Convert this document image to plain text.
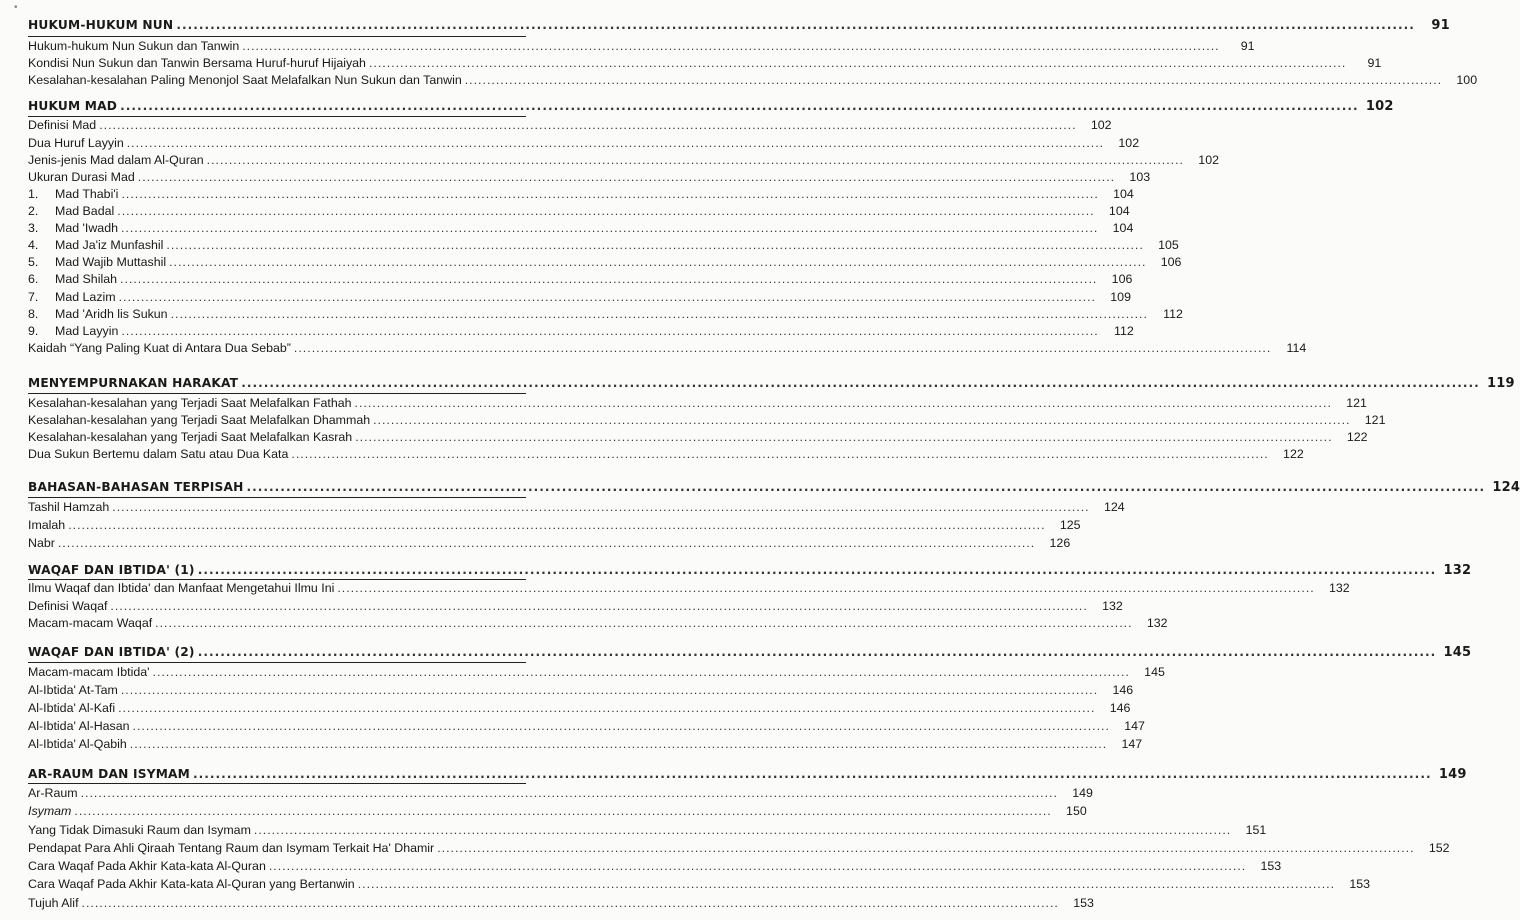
•
HUKUM-HUKUM NUN ............................................................................................................................................................................................................................	91
Hukum-hukum Nun Sukun dan Tanwin ............................................................................................................................................................................................................................	91
Kondisi Nun Sukun dan Tanwin Bersama Huruf-huruf Hijaiyah ............................................................................................................................................................................................................................	91
Kesalahan-kesalahan Paling Menonjol Saat Melafalkan Nun Sukun dan Tanwin ............................................................................................................................................................................................................................	100
HUKUM MAD ............................................................................................................................................................................................................................ 102
Definisi Mad ............................................................................................................................................................................................................................	102
Dua Huruf Layyin ............................................................................................................................................................................................................................	102
Jenis-jenis Mad dalam Al-Quran ............................................................................................................................................................................................................................	102
Ukuran Durasi Mad ............................................................................................................................................................................................................................	103
1.	Mad Thabi'i ............................................................................................................................................................................................................................	104
2.	Mad Badal ............................................................................................................................................................................................................................	104
3.	Mad 'Iwadh ............................................................................................................................................................................................................................	104
4.	Mad Ja'iz Munfashil ............................................................................................................................................................................................................................	105
5.	Mad Wajib Muttashil ............................................................................................................................................................................................................................	106
6.	Mad Shilah ............................................................................................................................................................................................................................	106
7.	Mad Lazim ............................................................................................................................................................................................................................	109
8.	Mad 'Aridh lis Sukun ............................................................................................................................................................................................................................	112
9.	Mad Layyin ............................................................................................................................................................................................................................	112
Kaidah “Yang Paling Kuat di Antara Dua Sebab” ............................................................................................................................................................................................................................	114
MENYEMPURNAKAN HARAKAT ............................................................................................................................................................................................................................ 119
Kesalahan-kesalahan yang Terjadi Saat Melafalkan Fathah ............................................................................................................................................................................................................................	121
Kesalahan-kesalahan yang Terjadi Saat Melafalkan Dhammah ............................................................................................................................................................................................................................	121
Kesalahan-kesalahan yang Terjadi Saat Melafalkan Kasrah ............................................................................................................................................................................................................................	122
Dua Sukun Bertemu dalam Satu atau Dua Kata ............................................................................................................................................................................................................................	122
BAHASAN-BAHASAN TERPISAH ............................................................................................................................................................................................................................ 124
Tashil Hamzah ............................................................................................................................................................................................................................	124
Imalah ............................................................................................................................................................................................................................	125
Nabr ............................................................................................................................................................................................................................	126
WAQAF DAN IBTIDA' (1) ............................................................................................................................................................................................................................ 132
Ilmu Waqaf dan Ibtida' dan Manfaat Mengetahui Ilmu Ini ............................................................................................................................................................................................................................	132
Definisi Waqaf ............................................................................................................................................................................................................................	132
Macam-macam Waqaf ............................................................................................................................................................................................................................	132
WAQAF DAN IBTIDA' (2) ............................................................................................................................................................................................................................ 145
Macam-macam Ibtida' ............................................................................................................................................................................................................................	145
Al-Ibtida' At-Tam ............................................................................................................................................................................................................................	146
Al-Ibtida' Al-Kafi ............................................................................................................................................................................................................................	146
Al-Ibtida' Al-Hasan ............................................................................................................................................................................................................................	147
Al-Ibtida' Al-Qabih ............................................................................................................................................................................................................................	147
AR-RAUM DAN ISYMAM ............................................................................................................................................................................................................................ 149
Ar-Raum ............................................................................................................................................................................................................................	149
Isymam ............................................................................................................................................................................................................................	150
Yang Tidak Dimasuki Raum dan Isymam ............................................................................................................................................................................................................................	151
Pendapat Para Ahli Qiraah Tentang Raum dan Isymam Terkait Ha' Dhamir ............................................................................................................................................................................................................................	152
Cara Waqaf Pada Akhir Kata-kata Al-Quran ............................................................................................................................................................................................................................	153
Cara Waqaf Pada Akhir Kata-kata Al-Quran yang Bertanwin ............................................................................................................................................................................................................................	153
Tujuh Alif ............................................................................................................................................................................................................................	153
